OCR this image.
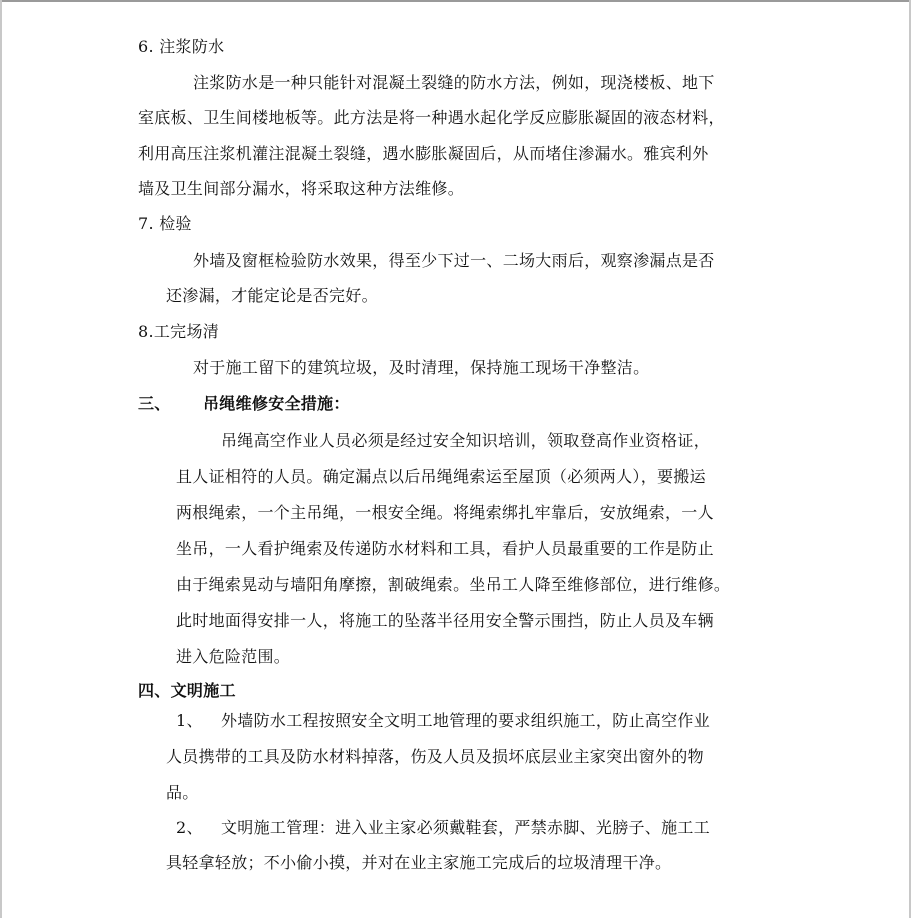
6. 注浆防水
注浆防水是一种只能针对混凝土裂缝的防水方法，例如，现浇楼板、地下
室底板、卫生间楼地板等。此方法是将一种遇水起化学反应膨胀凝固的液态材料，
利用高压注浆机灌注混凝土裂缝，遇水膨胀凝固后，从而堵住渗漏水。雅宾利外
墙及卫生间部分漏水，将采取这种方法维修。
7. 检验
外墙及窗框检验防水效果，得至少下过一、二场大雨后，观察渗漏点是否
还渗漏，才能定论是否完好。
8.工完场清
对于施工留下的建筑垃圾，及时清理，保持施工现场干净整洁。
三、 吊绳维修安全措施：
吊绳高空作业人员必须是经过安全知识培训，领取登高作业资格证，
且人证相符的人员。确定漏点以后吊绳绳索运至屋顶（必须两人），要搬运
两根绳索，一个主吊绳，一根安全绳。将绳索绑扎牢靠后，安放绳索，一人
坐吊，一人看护绳索及传递防水材料和工具，看护人员最重要的工作是防止
由于绳索晃动与墙阳角摩擦，割破绳索。坐吊工人降至维修部位，进行维修。
此时地面得安排一人，将施工的坠落半径用安全警示围挡，防止人员及车辆
进入危险范围。
四、文明施工
1、 外墙防水工程按照安全文明工地管理的要求组织施工，防止高空作业
人员携带的工具及防水材料掉落，伤及人员及损坏底层业主家突出窗外的物
品。
2、 文明施工管理：进入业主家必须戴鞋套，严禁赤脚、光膀子、施工工
具轻拿轻放；不小偷小摸，并对在业主家施工完成后的垃圾清理干净。
